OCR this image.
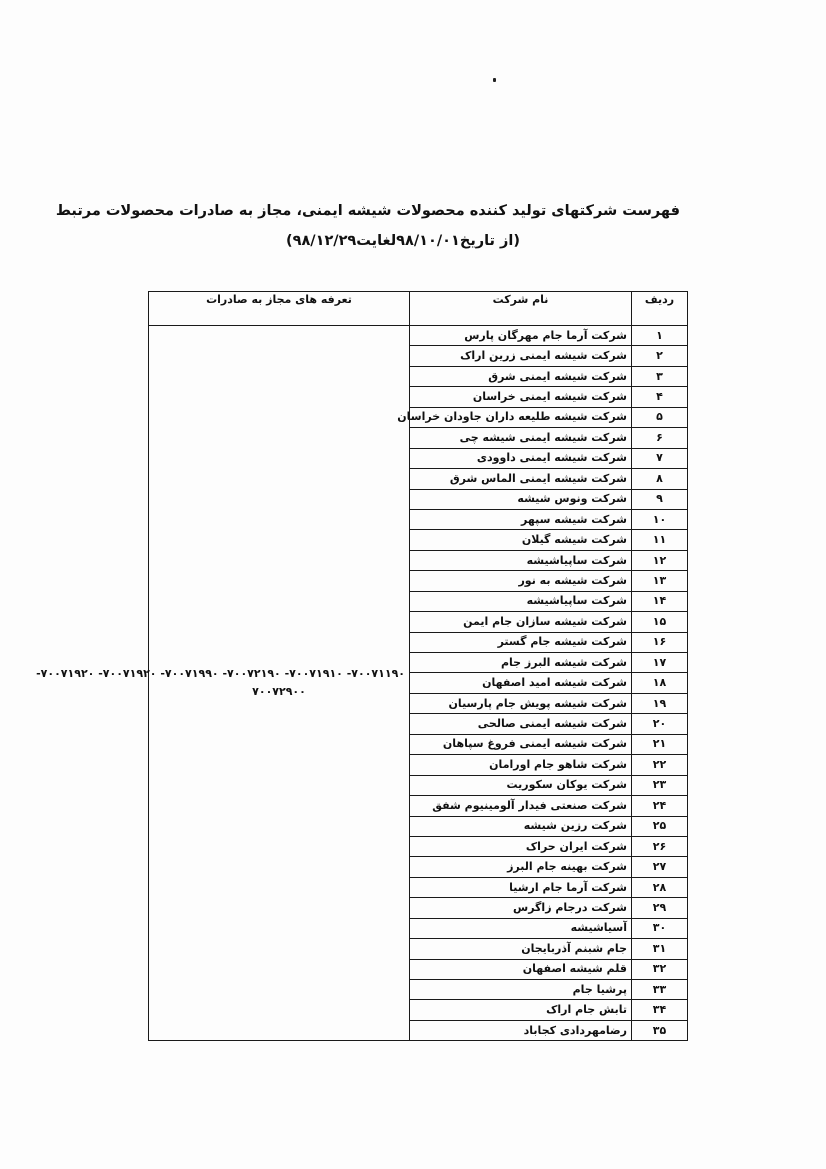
فهرست شرکتهای تولید کننده محصولات شیشه ایمنی، مجاز به صادرات محصولات مرتبط
(از تاریخ۹۸/۱۰/۰۱لغایت۹۸/۱۲/۲۹)
ردیف	نام شرکت	تعرفه های مجاز به صادرات
۱	شرکت آرما جام مهرگان پارس	۷۰۰۷۱۱۹۰- ۷۰۰۷۱۹۱۰- ۷۰۰۷۲۱۹۰- ۷۰۰۷۱۹۹۰- ۷۰۰۷۱۹۲۰- ۷۰۰۷۱۹۲۰-
۷۰۰۷۲۹۰۰

۲	شرکت شیشه ایمنی زرین اراک	
۳	شرکت شیشه ایمنی شرق	
۴	شرکت شیشه ایمنی خراسان	
۵	شرکت شیشه طلیعه داران جاودان خراسان	
۶	شرکت شیشه ایمنی شیشه چی	
۷	شرکت شیشه ایمنی داوودی	
۸	شرکت شیشه ایمنی الماس شرق	
۹	شرکت ونوس شیشه	
۱۰	شرکت شیشه سپهر	
۱۱	شرکت شیشه گیلان	
۱۲	شرکت ساپیاشیشه	
۱۳	شرکت شیشه به نور	
۱۴	شرکت ساپیاشیشه	
۱۵	شرکت شیشه سازان جام ایمن	
۱۶	شرکت شیشه جام گستر	
۱۷	شرکت شیشه البرز جام	
۱۸	شرکت شیشه امید اصفهان	
۱۹	شرکت شیشه پویش جام پارسیان	
۲۰	شرکت شیشه ایمنی صالحی	
۲۱	شرکت شیشه ایمنی فروغ سپاهان	
۲۲	شرکت شاهو جام اورامان	
۲۳	شرکت یوکان سکوریت	
۲۴	شرکت صنعتی فیدار آلومینیوم شفق	
۲۵	شرکت رزین شیشه	
۲۶	شرکت ایران حراک	
۲۷	شرکت بهینه جام البرز	
۲۸	شرکت آرما جام ارشیا	
۲۹	شرکت درجام زاگرس	
۳۰	آسیاشیشه	
۳۱	جام شبنم آذربایجان	
۳۲	قلم شیشه اصفهان	
۳۳	پرشیا جام	
۳۴	تابش جام اراک	
۳۵	رضامهردادی کجاباد	
